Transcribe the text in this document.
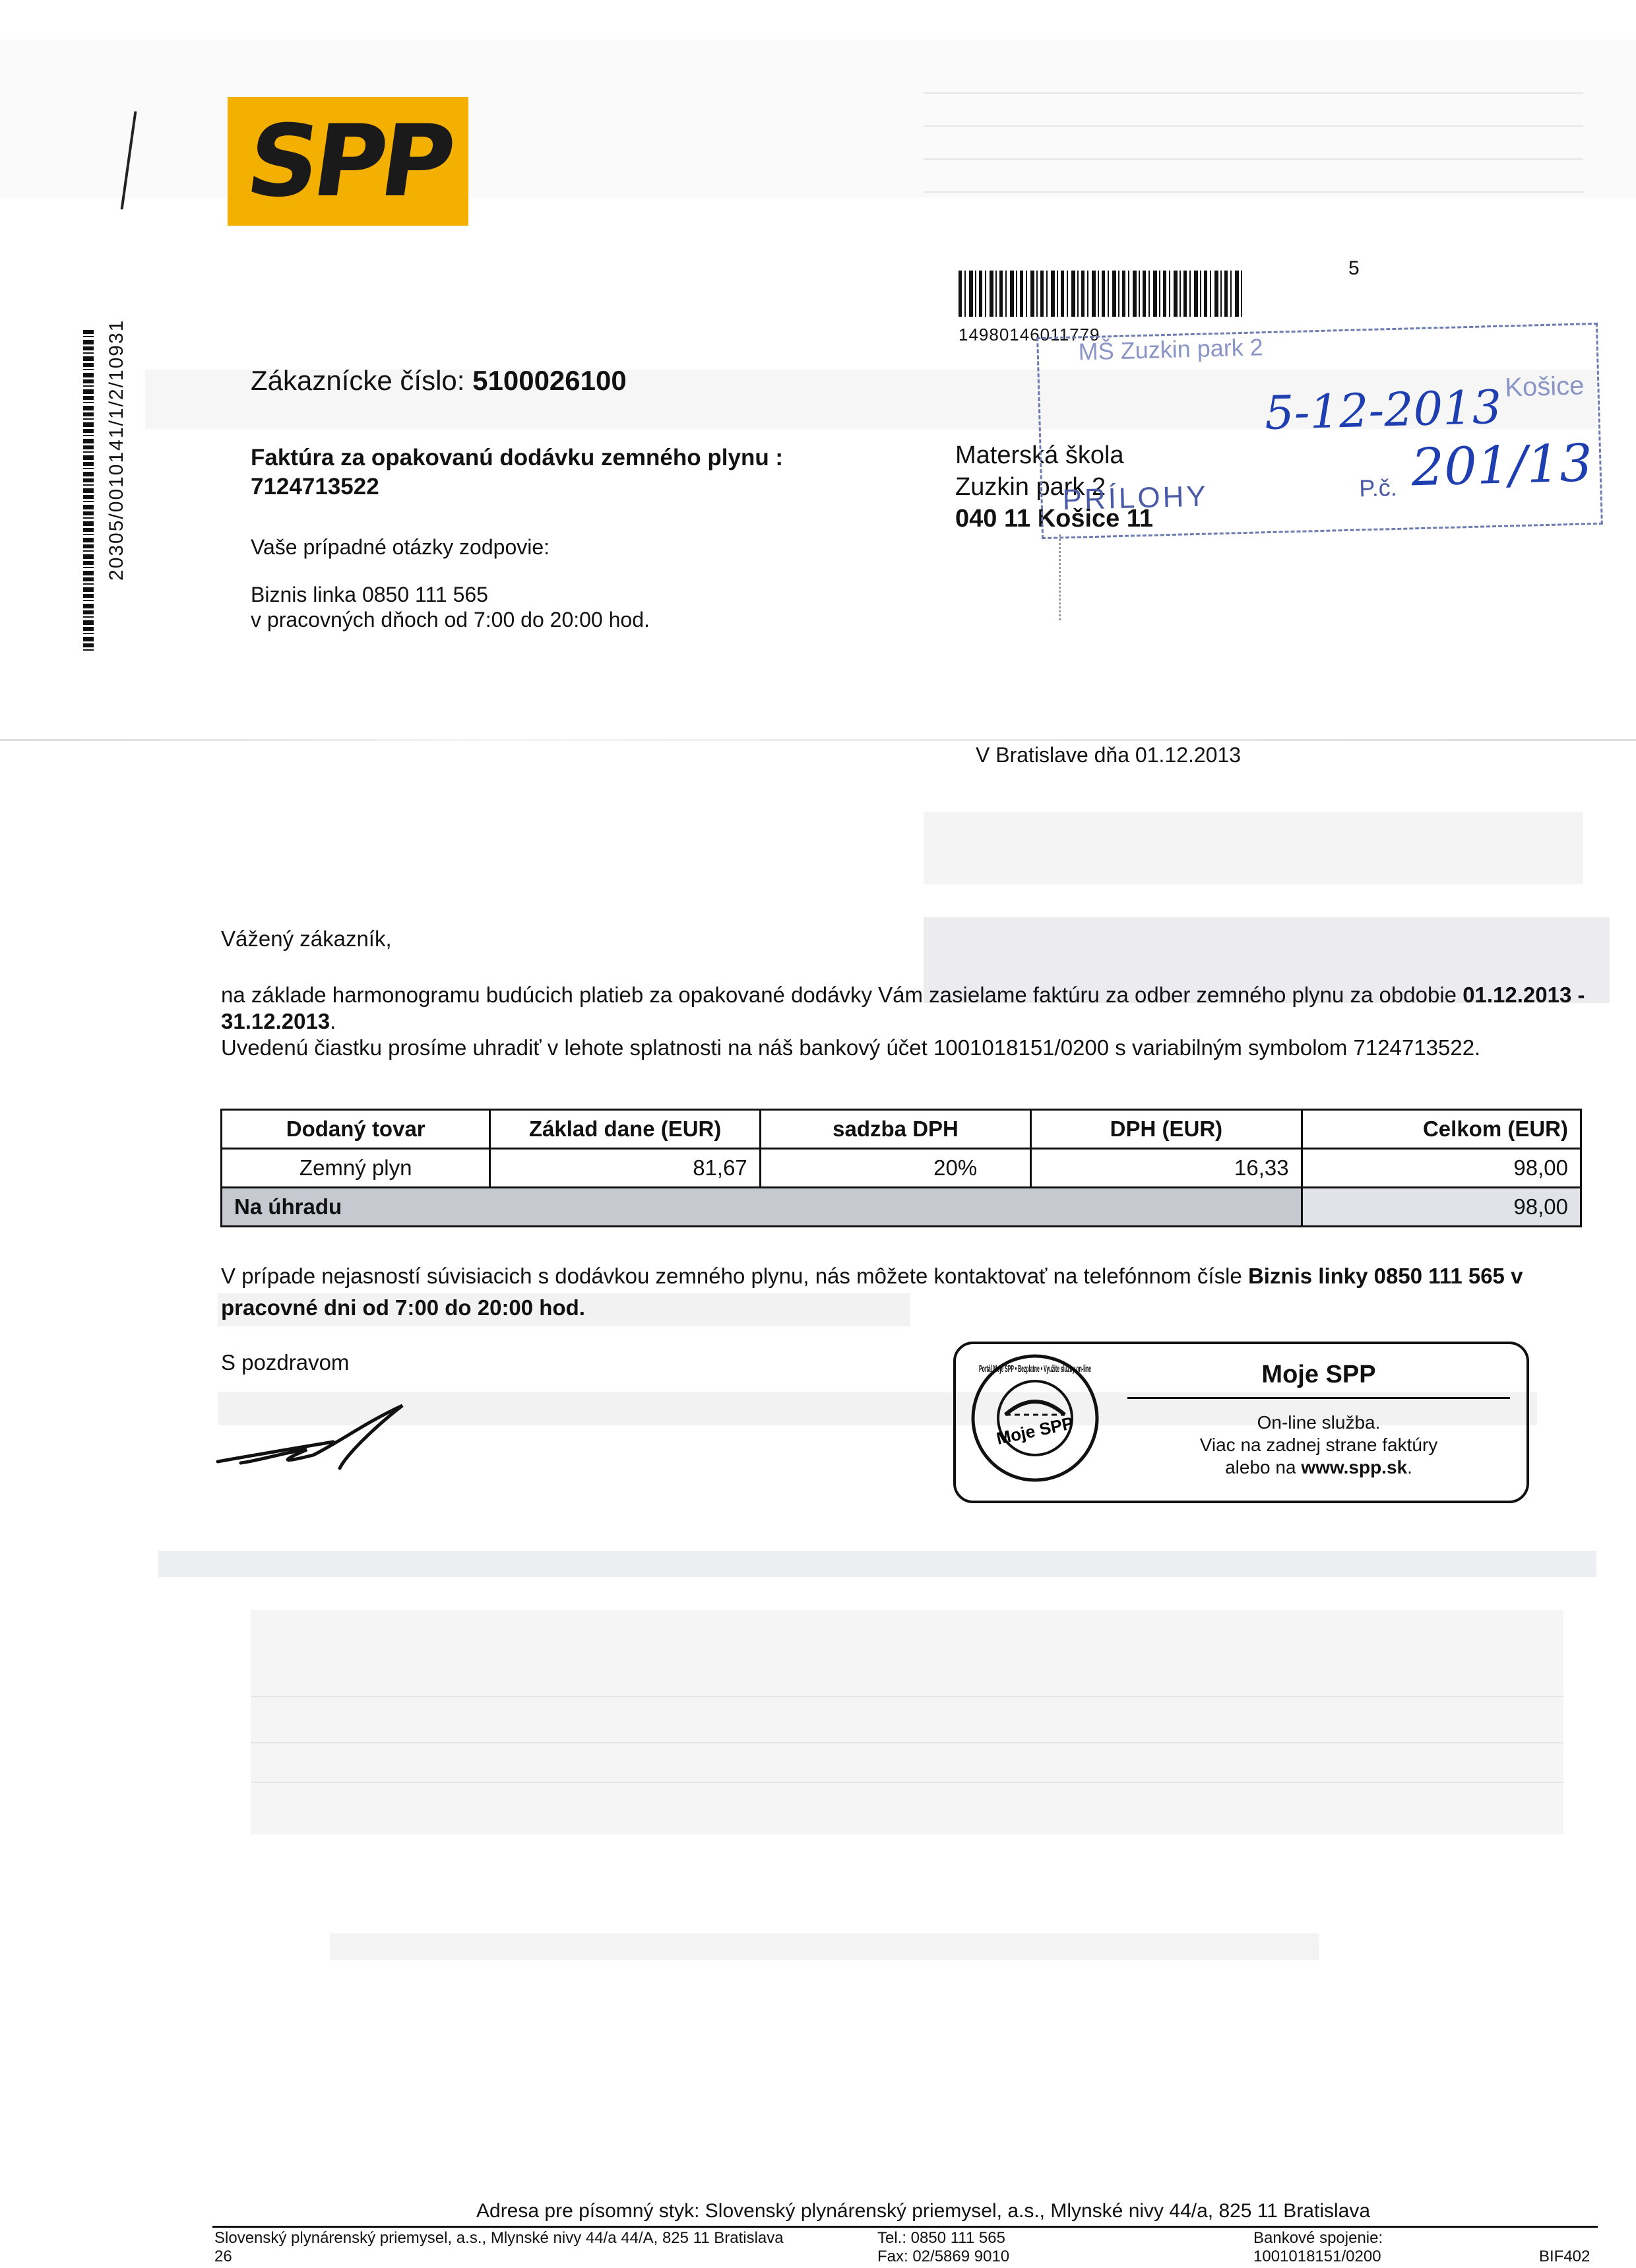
SPP
20305/0010141/1/2/10931	14980146011779
5
Zákaznícke číslo: 5100026100
Faktúra za opakovanú dodávku zemného plynu :
7124713522
Vaše prípadné otázky zodpovie:
Biznis linka 0850 111 565
v pracovných dňoch od 7:00 do 20:00 hod.
Materská škola
Zuzkin park 2
040 11 Košice 11
MŠ Zuzkin park 2
Košice
PRÍLOHY	P.č.
5-12-2013
201/13
V Bratislave dňa 01.12.2013
Vážený zákazník,
na základe harmonogramu budúcich platieb za opakované dodávky Vám zasielame faktúru za odber zemného plynu za obdobie 01.12.2013 -
31.12.2013.
Uvedenú čiastku prosíme uhradiť v lehote splatnosti na náš bankový účet 1001018151/0200 s variabilným symbolom 7124713522.
Dodaný tovar	Základ dane (EUR)	sadzba DPH	DPH (EUR)	Celkom (EUR)
Zemný plyn	81,67	20%	16,33	98,00
Na úhradu				98,00
V prípade nejasností súvisiacich s dodávkou zemného plynu, nás môžete kontaktovať na telefónnom čísle Biznis linky 0850 111 565 v pracovné dni od 7:00 do 20:00 hod.
S pozdravom
Moje SPP
Portál Moje SPP • Bezplatne • Využite služby on-line	Moje SPP
On-line služba.
Viac na zadnej strane faktúry
alebo na www.spp.sk.
Adresa pre písomný styk: Slovenský plynárenský priemysel, a.s., Mlynské nivy 44/a, 825 11 Bratislava
Slovenský plynárenský priemysel, a.s., Mlynské nivy 44/a 44/A, 825 11 Bratislava
26
Tel.: 0850 111 565
Fax: 02/5869 9010
Bankové spojenie:
1001018151/0200	BIF402
